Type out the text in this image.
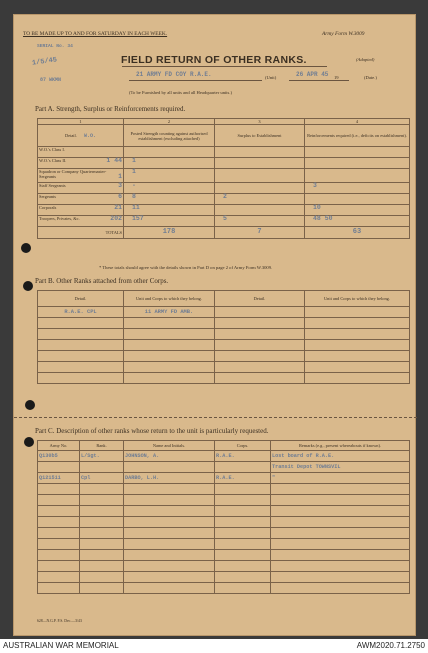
TO BE MADE UP TO AND FOR SATURDAY IN EACH WEEK.	Army Form W.3009
(Adapted)
SERIAL No. 34
1/5/45
87 WKMN
FIELD RETURN OF OTHER RANKS.
21 ARMY FD COY R.A.E.	(Unit)	26 APR 45 19	(Date.)
(To be Furnished by all units and all Headquarter units.)
Part A. Strength, Surplus or Reinforcements required.
1	2	3	4
Detail. W.O.	Posted Strength counting against authorised establishment (excluding attached)	Surplus to Establishment	Reinforcements required (i.e., deficits on establishment).
W.O.'s Class I.

W.O.'s Class II. 1 44	1		
Squadron or Company Quartermaster-Sergeants 1	1		
Staff Sergeants 3	-		3
Sergeants 6	8	2	
Corporals 21	11		10
Troopers, Privates, &c. 202	157	5	48 50
TOTALS	178	7	63
* These totals should agree with the details shown in Part D on page 2 of Army Form W.3009.
Part B. Other Ranks attached from other Corps.
Detail.	Unit and Corps to which they belong.	Detail.	Unit and Corps to which they belong.
R.A.E. CPL	11 ARMY FD AMB.		

Part C. Description of other ranks whose return to the unit is particularly requested.
Army No.	Rank.	Name and Initials.	Corps.	Remarks (e.g., present whereabouts if known).
Q130b5	L/Sgt.	JOHNSON, A.	R.A.E.	Lost board of R.A.E.
				Transit Depot TOWNSVIL
Q121511	Cpl	DARBO, L.H.	R.A.E.	"

628—N.G.P. F.S. Dec.—3/43
AUSTRALIAN WAR MEMORIAL	AWM2020.71.2750
